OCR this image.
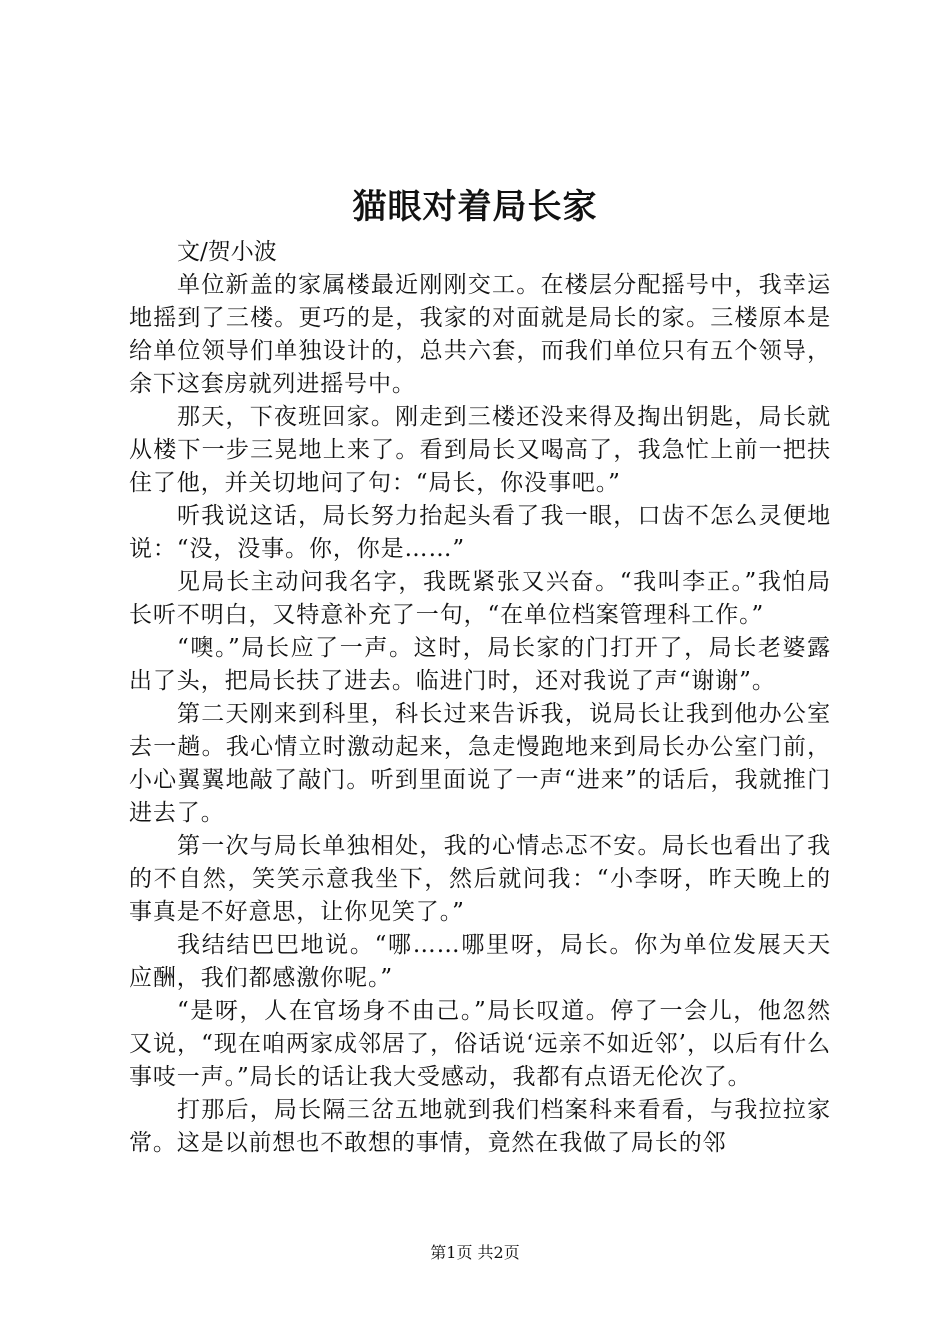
猫眼对着局长家

文/贺小波

单位新盖的家属楼最近刚刚交工。在楼层分配摇号中，我幸运地摇到了三楼。更巧的是，我家的对面就是局长的家。三楼原本是给单位领导们单独设计的，总共六套，而我们单位只有五个领导，余下这套房就列进摇号中。

那天，下夜班回家。刚走到三楼还没来得及掏出钥匙，局长就从楼下一步三晃地上来了。看到局长又喝高了，我急忙上前一把扶住了他，并关切地问了句：“局长，你没事吧。”

听我说这话，局长努力抬起头看了我一眼，口齿不怎么灵便地说：“没，没事。你，你是……”

见局长主动问我名字，我既紧张又兴奋。“我叫李正。”我怕局长听不明白，又特意补充了一句，“在单位档案管理科工作。”

“噢。”局长应了一声。这时，局长家的门打开了，局长老婆露出了头，把局长扶了进去。临进门时，还对我说了声“谢谢”。

第二天刚来到科里，科长过来告诉我，说局长让我到他办公室去一趟。我心情立时激动起来，急走慢跑地来到局长办公室门前，小心翼翼地敲了敲门。听到里面说了一声“进来”的话后，我就推门进去了。

第一次与局长单独相处，我的心情忐忑不安。局长也看出了我的不自然，笑笑示意我坐下，然后就问我：“小李呀，昨天晚上的事真是不好意思，让你见笑了。”

我结结巴巴地说。“哪……哪里呀，局长。你为单位发展天天应酬，我们都感激你呢。”

“是呀，人在官场身不由己。”局长叹道。停了一会儿，他忽然又说，“现在咱两家成邻居了，俗话说‘远亲不如近邻’，以后有什么事吱一声。”局长的话让我大受感动，我都有点语无伦次了。

打那后，局长隔三岔五地就到我们档案科来看看，与我拉拉家常。这是以前想也不敢想的事情，竟然在我做了局长的邻

第1页 共2页
